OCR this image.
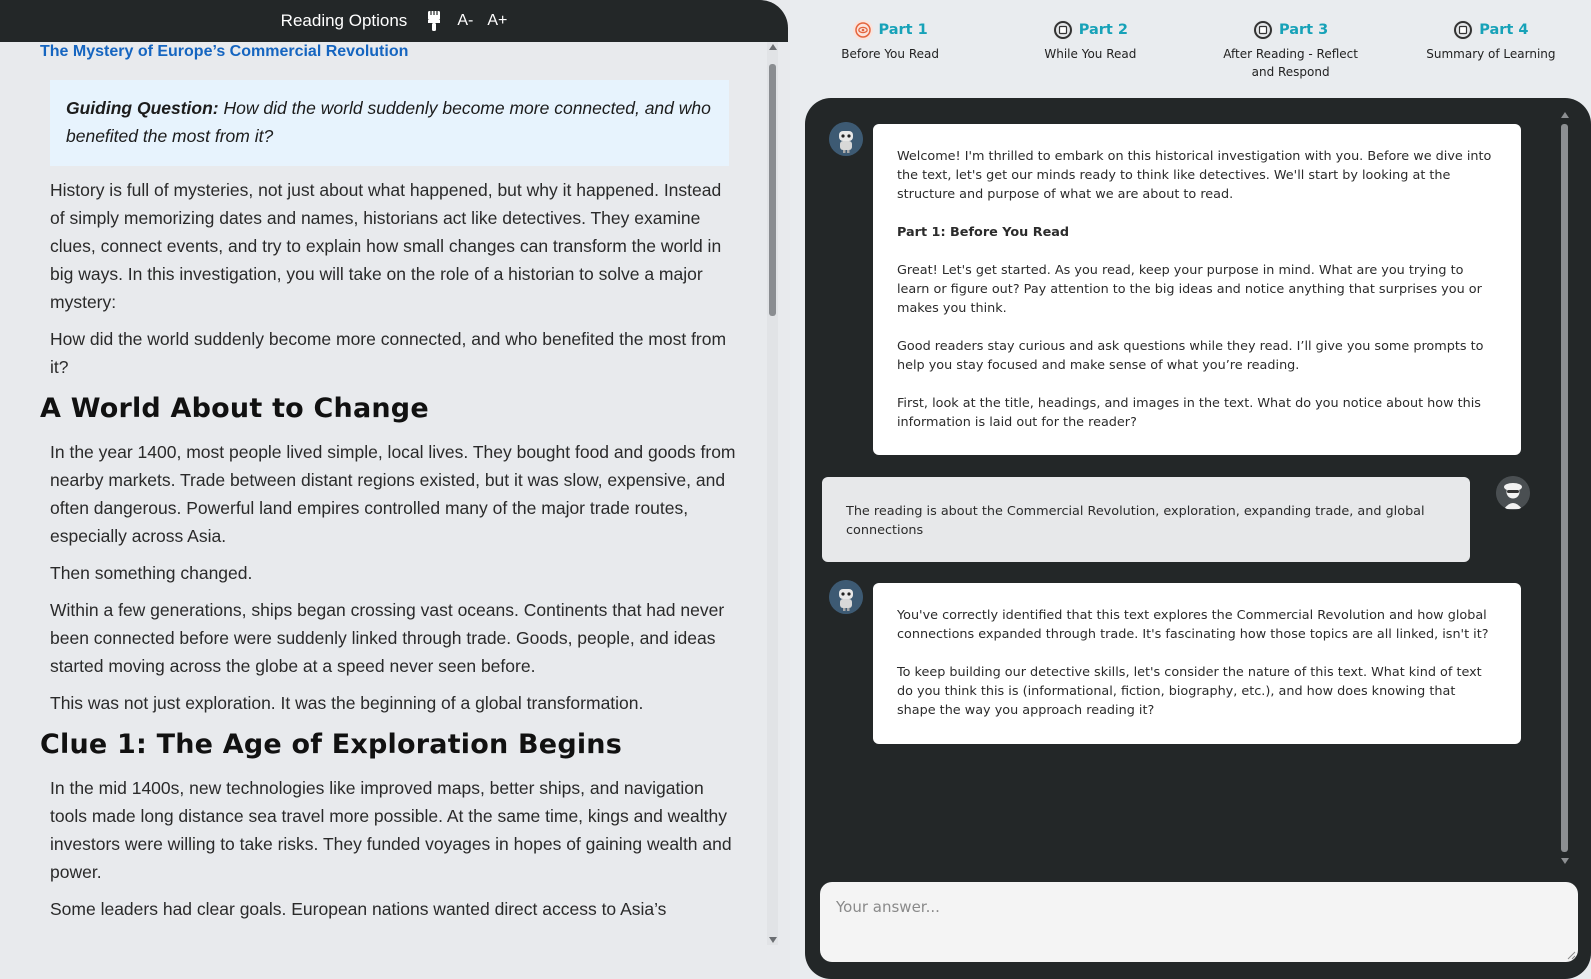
Reading Options	A- A+
The Mystery of Europe’s Commercial Revolution
Guiding Question: How did the world suddenly become more connected, and who benefited the most from it?

History is full of mysteries, not just about what happened, but why it happened. Instead of simply memorizing dates and names, historians act like detectives. They examine clues, connect events, and try to explain how small changes can transform the world in big ways. In this investigation, you will take on the role of a historian to solve a major mystery:

How did the world suddenly become more connected, and who benefited the most from it?

A World About to Change

In the year 1400, most people lived simple, local lives. They bought food and goods from nearby markets. Trade between distant regions existed, but it was slow, expensive, and often dangerous. Powerful land empires controlled many of the major trade routes, especially across Asia.

Then something changed.

Within a few generations, ships began crossing vast oceans. Continents that had never been connected before were suddenly linked through trade. Goods, people, and ideas started moving across the globe at a speed never seen before.

This was not just exploration. It was the beginning of a global transformation.

Clue 1: The Age of Exploration Begins

In the mid 1400s, new technologies like improved maps, better ships, and navigation tools made long distance sea travel more possible. At the same time, kings and wealthy investors were willing to take risks. They funded voyages in hopes of gaining wealth and power.

Some leaders had clear goals. European nations wanted direct access to Asia’s

Part 1
Before You Read
Part 2
While You Read
Part 3
After Reading - Reflect and Respond
Part 4
Summary of Learning

Welcome! I'm thrilled to embark on this historical investigation with you. Before we dive into the text, let's get our minds ready to think like detectives. We'll start by looking at the structure and purpose of what we are about to read.

Part 1: Before You Read

Great! Let's get started. As you read, keep your purpose in mind. What are you trying to learn or figure out? Pay attention to the big ideas and notice anything that surprises you or makes you think.

Good readers stay curious and ask questions while they read. I’ll give you some prompts to help you stay focused and make sense of what you’re reading.

First, look at the title, headings, and images in the text. What do you notice about how this information is laid out for the reader?

The reading is about the Commercial Revolution, exploration, expanding trade, and global connections

You've correctly identified that this text explores the Commercial Revolution and how global connections expanded through trade. It's fascinating how those topics are all linked, isn't it?

To keep building our detective skills, let's consider the nature of this text. What kind of text do you think this is (informational, fiction, biography, etc.), and how does knowing that shape the way you approach reading it?

Your answer...
